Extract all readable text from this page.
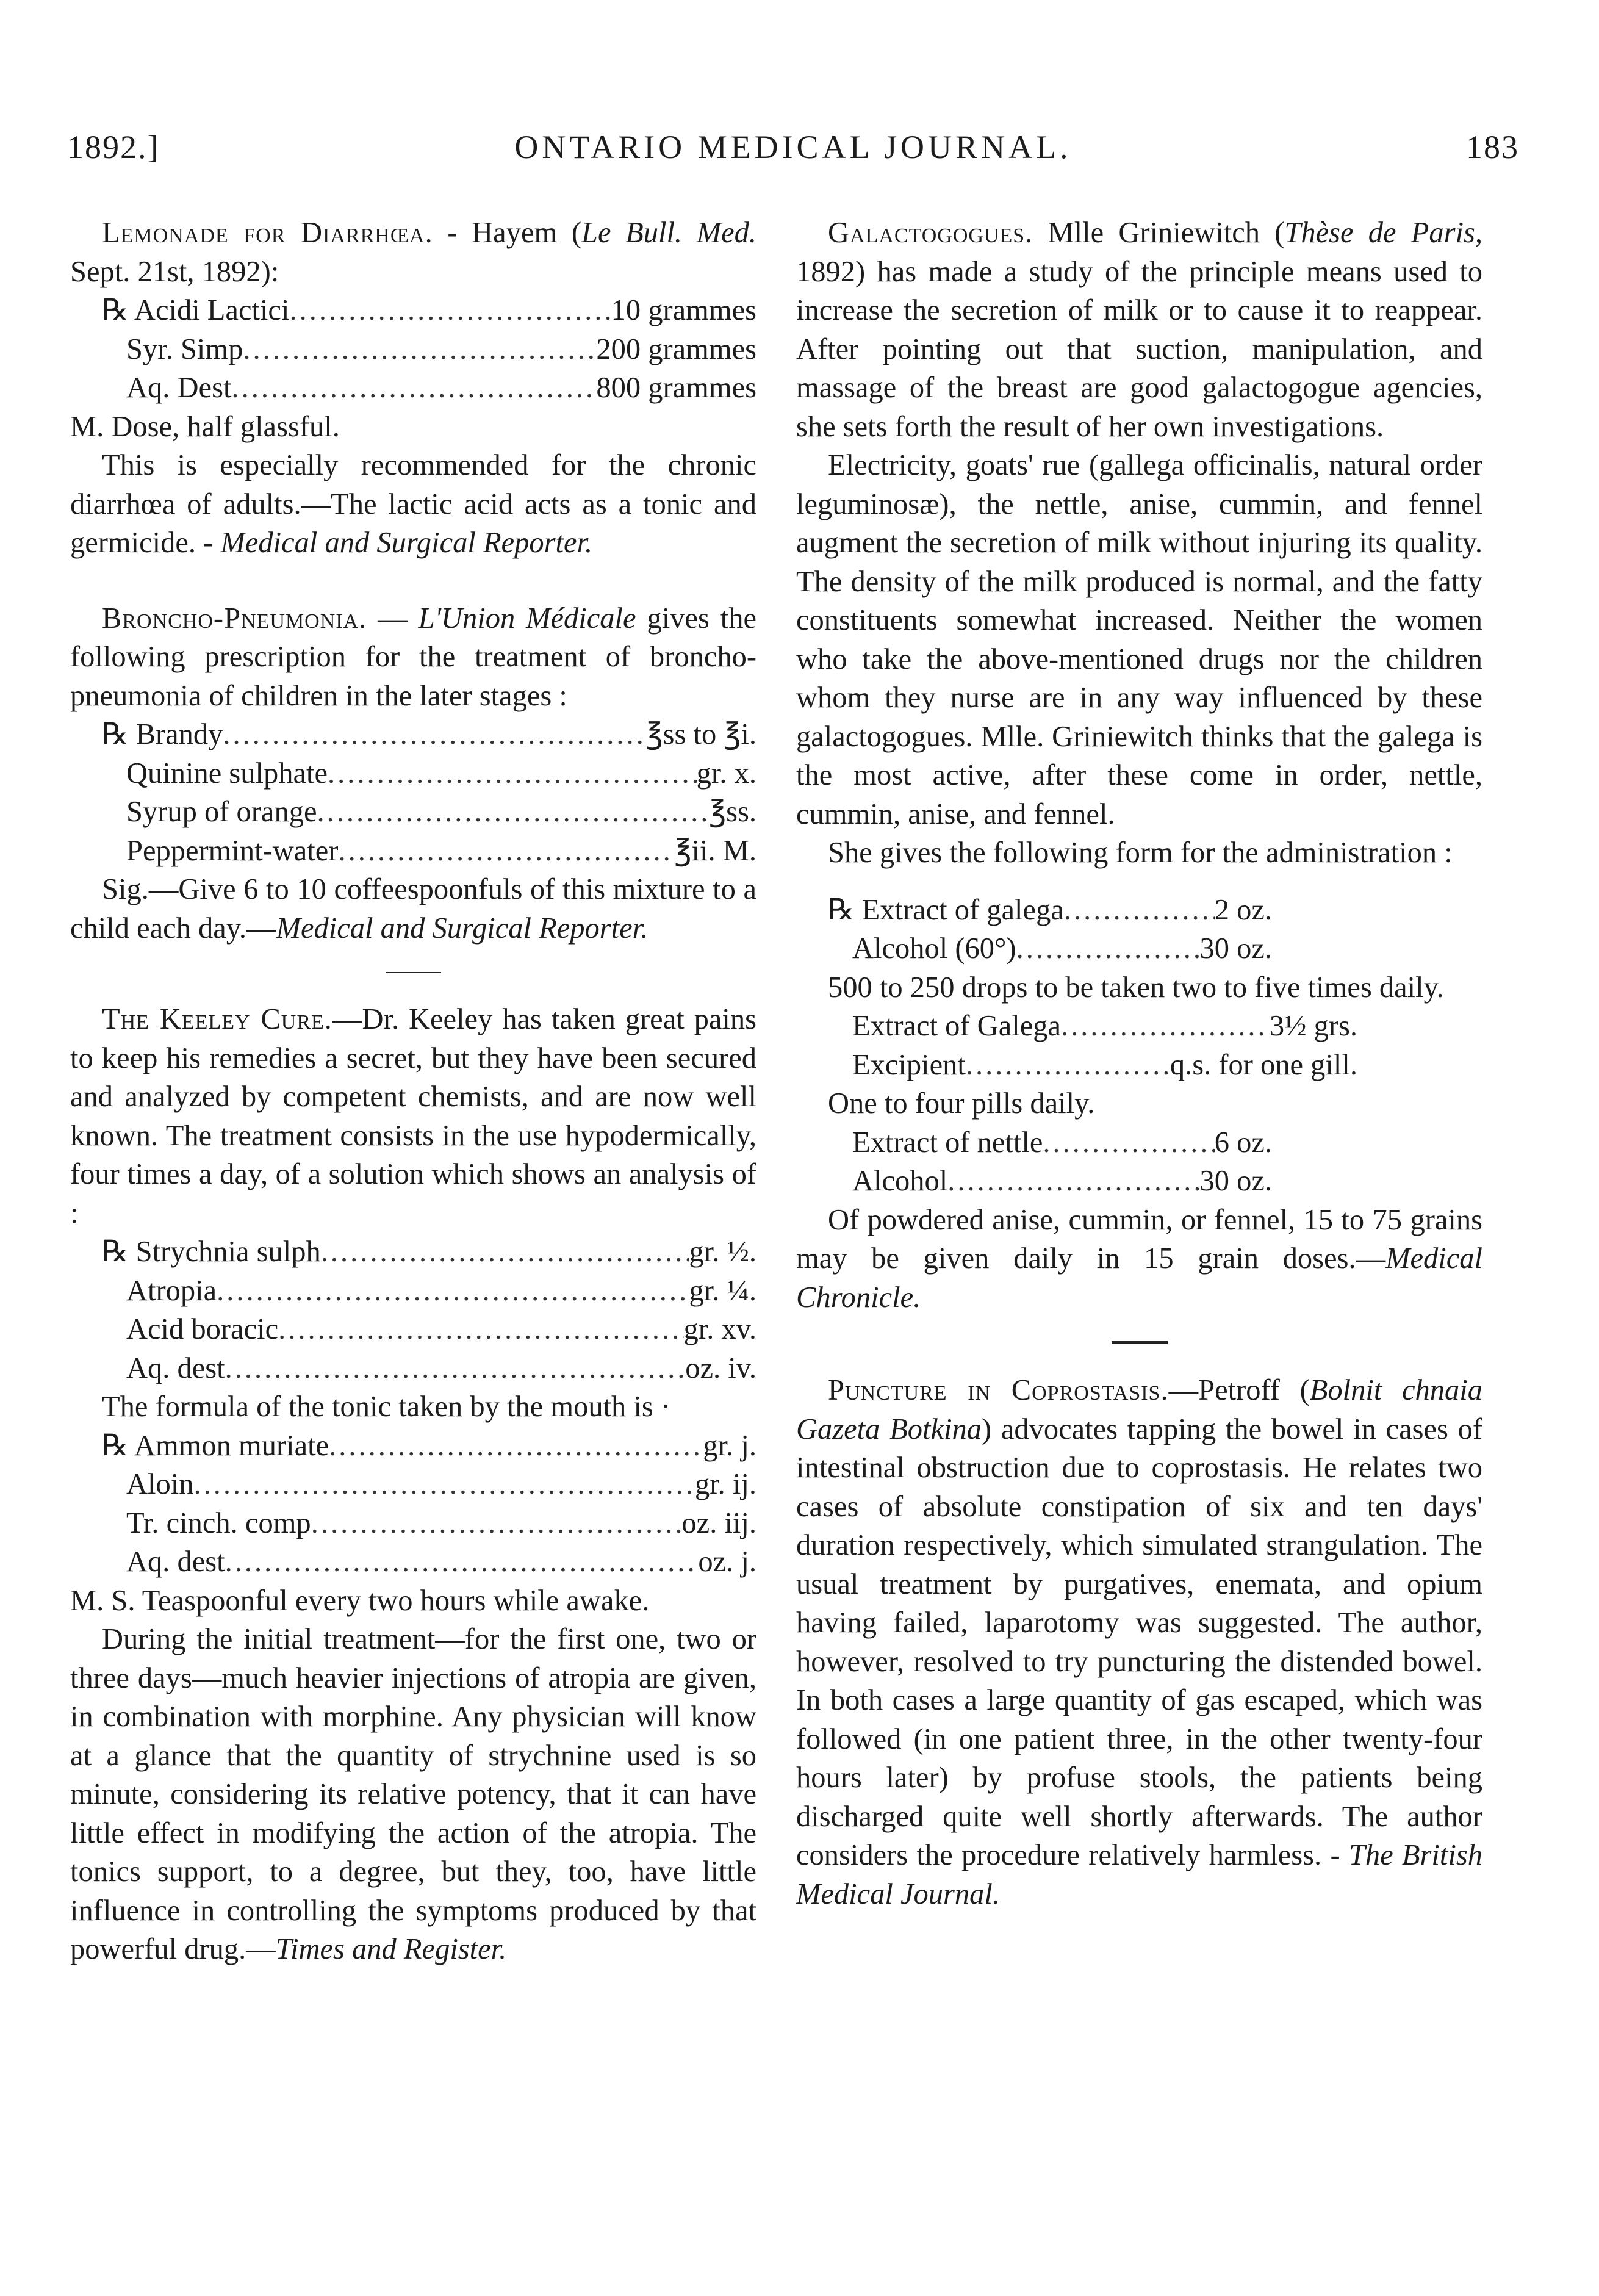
1892.]	ONTARIO MEDICAL JOURNAL.	183

Lemonade for Diarrhœa. - Hayem (Le Bull. Med. Sept. 21st, 1892):

℞ Acidi Lactici .....	10 grammes
Syr. Simp .....	200 grammes
Aq. Dest .....	800 grammes

M. Dose, half glassful.

This is especially recommended for the chronic diarrhœa of adults.—The lactic acid acts as a tonic and germicide. - Medical and Surgical Reporter.

Broncho-Pneumonia. — L'Union Médicale gives the following prescription for the treatment of broncho-pneumonia of children in the later stages :

℞ Brandy .....	℥ss to ℥i.
Quinine sulphate .....	gr. x.
Syrup of orange .....	℥ss.
Peppermint-water .....	℥ii. M.

Sig.—Give 6 to 10 coffeespoonfuls of this mixture to a child each day.—Medical and Surgical Reporter.

The Keeley Cure.—Dr. Keeley has taken great pains to keep his remedies a secret, but they have been secured and analyzed by competent chemists, and are now well known. The treatment consists in the use hypodermically, four times a day, of a solution which shows an analysis of :

℞ Strychnia sulph .....	gr. ½.
Atropia .....	gr. ¼.
Acid boracic .....	gr. xv.
Aq. dest .....	oz. iv.

The formula of the tonic taken by the mouth is ·

℞ Ammon muriate .....	gr. j.
Aloin .....	gr. ij.
Tr. cinch. comp .....	oz. iij.
Aq. dest .....	oz. j.

M. S. Teaspoonful every two hours while awake.

During the initial treatment—for the first one, two or three days—much heavier injections of atropia are given, in combination with morphine. Any physician will know at a glance that the quantity of strychnine used is so minute, considering its relative potency, that it can have little effect in modifying the action of the atropia. The tonics support, to a degree, but they, too, have little influence in controlling the symptoms produced by that powerful drug.—Times and Register.

Galactogogues. Mlle Griniewitch (Thèse de Paris, 1892) has made a study of the principle means used to increase the secretion of milk or to cause it to reappear. After pointing out that suction, manipulation, and massage of the breast are good galactogogue agencies, she sets forth the result of her own investigations.

Electricity, goats' rue (gallega officinalis, natural order leguminosæ), the nettle, anise, cummin, and fennel augment the secretion of milk without injuring its quality. The density of the milk produced is normal, and the fatty constituents somewhat increased. Neither the women who take the above-mentioned drugs nor the children whom they nurse are in any way influenced by these galactogogues. Mlle. Griniewitch thinks that the galega is the most active, after these come in order, nettle, cummin, anise, and fennel.

She gives the following form for the administration :

℞ Extract of galega .....	2 oz.
Alcohol (60°) .....	30 oz.

500 to 250 drops to be taken two to five times daily.

Extract of Galega .....	3½ grs.
Excipient .....	q.s. for one gill.

One to four pills daily.

Extract of nettle .....	6 oz.
Alcohol .....	30 oz.

Of powdered anise, cummin, or fennel, 15 to 75 grains may be given daily in 15 grain doses.—Medical Chronicle.

Puncture in Coprostasis.—Petroff (Bolnit chnaia Gazeta Botkina) advocates tapping the bowel in cases of intestinal obstruction due to coprostasis. He relates two cases of absolute constipation of six and ten days' duration respectively, which simulated strangulation. The usual treatment by purgatives, enemata, and opium having failed, laparotomy was suggested. The author, however, resolved to try puncturing the distended bowel. In both cases a large quantity of gas escaped, which was followed (in one patient three, in the other twenty-four hours later) by profuse stools, the patients being discharged quite well shortly afterwards. The author considers the procedure relatively harmless. - The British Medical Journal.
